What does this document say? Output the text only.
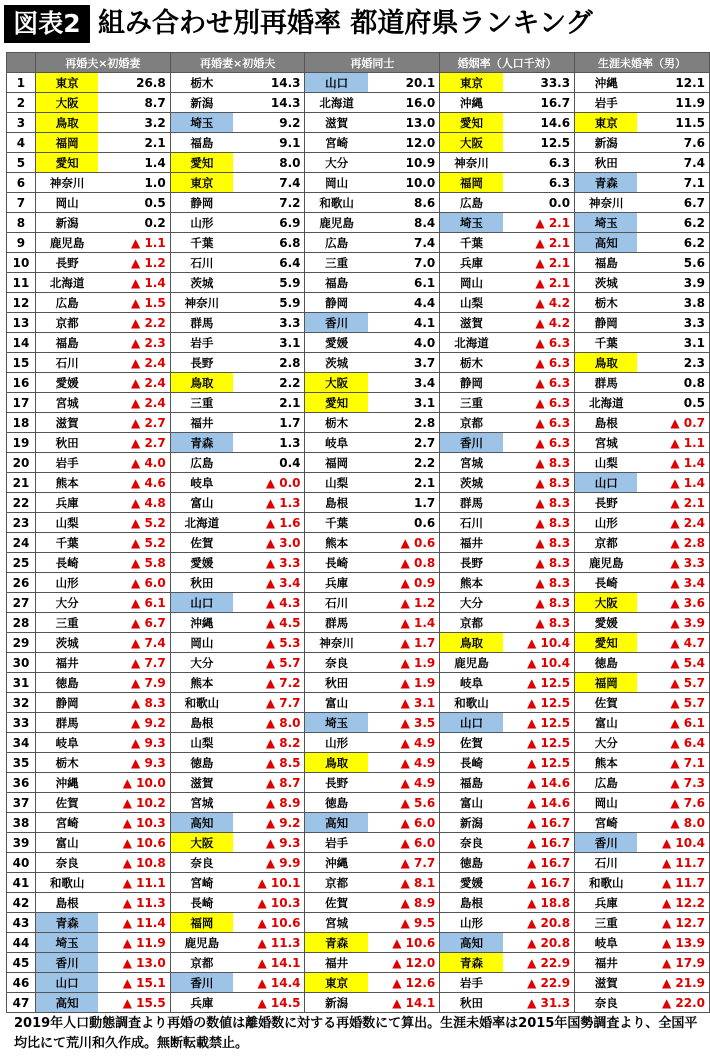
図表2 組み合わせ別再婚率 都道府県ランキング
	再婚夫×初婚妻		再婚妻×初婚夫		再婚同士		婚姻率（人口千対）		生涯未婚率（男）	
1	東京	26.8	栃木	14.3	山口	20.1	東京	33.3	沖縄	12.1
2	大阪	8.7	新潟	14.3	北海道	16.0	沖縄	16.7	岩手	11.9
3	鳥取	3.2	埼玉	9.2	滋賀	13.0	愛知	14.6	東京	11.5
4	福岡	2.1	福島	9.1	宮崎	12.0	大阪	12.5	新潟	7.6
5	愛知	1.4	愛知	8.0	大分	10.9	神奈川	6.3	秋田	7.4
6	神奈川	1.0	東京	7.4	岡山	10.0	福岡	6.3	青森	7.1
7	岡山	0.5	静岡	7.2	和歌山	8.6	広島	0.0	神奈川	6.7
8	新潟	0.2	山形	6.9	鹿児島	8.4	埼玉	▲ 2.1	埼玉	6.2
9	鹿児島	▲ 1.1	千葉	6.8	広島	7.4	千葉	▲ 2.1	高知	6.2
10	長野	▲ 1.2	石川	6.4	三重	7.0	兵庫	▲ 2.1	福島	5.6
11	北海道	▲ 1.4	茨城	5.9	福島	6.1	岡山	▲ 2.1	茨城	3.9
12	広島	▲ 1.5	神奈川	5.9	静岡	4.4	山梨	▲ 4.2	栃木	3.8
13	京都	▲ 2.2	群馬	3.3	香川	4.1	滋賀	▲ 4.2	静岡	3.3
14	福島	▲ 2.3	岩手	3.1	愛媛	4.0	北海道	▲ 6.3	千葉	3.1
15	石川	▲ 2.4	長野	2.8	茨城	3.7	栃木	▲ 6.3	鳥取	2.3
16	愛媛	▲ 2.4	鳥取	2.2	大阪	3.4	静岡	▲ 6.3	群馬	0.8
17	宮城	▲ 2.4	三重	2.1	愛知	3.1	三重	▲ 6.3	北海道	0.5
18	滋賀	▲ 2.7	福井	1.7	栃木	2.8	京都	▲ 6.3	島根	▲ 0.7
19	秋田	▲ 2.7	青森	1.3	岐阜	2.7	香川	▲ 6.3	宮城	▲ 1.1
20	岩手	▲ 4.0	広島	0.4	福岡	2.2	宮城	▲ 8.3	山梨	▲ 1.4
21	熊本	▲ 4.6	岐阜	▲ 0.0	山梨	2.1	茨城	▲ 8.3	山口	▲ 1.4
22	兵庫	▲ 4.8	富山	▲ 1.3	島根	1.7	群馬	▲ 8.3	長野	▲ 2.1
23	山梨	▲ 5.2	北海道	▲ 1.6	千葉	0.6	石川	▲ 8.3	山形	▲ 2.4
24	千葉	▲ 5.2	佐賀	▲ 3.0	熊本	▲ 0.6	福井	▲ 8.3	京都	▲ 2.8
25	長崎	▲ 5.8	愛媛	▲ 3.3	長崎	▲ 0.8	長野	▲ 8.3	鹿児島	▲ 3.3
26	山形	▲ 6.0	秋田	▲ 3.4	兵庫	▲ 0.9	熊本	▲ 8.3	長崎	▲ 3.4
27	大分	▲ 6.1	山口	▲ 4.3	石川	▲ 1.2	大分	▲ 8.3	大阪	▲ 3.6
28	三重	▲ 6.7	沖縄	▲ 4.5	群馬	▲ 1.4	京都	▲ 8.3	愛媛	▲ 3.9
29	茨城	▲ 7.4	岡山	▲ 5.3	神奈川	▲ 1.7	鳥取	▲ 10.4	愛知	▲ 4.7
30	福井	▲ 7.7	大分	▲ 5.7	奈良	▲ 1.9	鹿児島	▲ 10.4	徳島	▲ 5.4
31	徳島	▲ 7.9	熊本	▲ 7.2	秋田	▲ 1.9	岐阜	▲ 12.5	福岡	▲ 5.7
32	静岡	▲ 8.3	和歌山	▲ 7.7	富山	▲ 3.1	和歌山	▲ 12.5	佐賀	▲ 5.7
33	群馬	▲ 9.2	島根	▲ 8.0	埼玉	▲ 3.5	山口	▲ 12.5	富山	▲ 6.1
34	岐阜	▲ 9.3	山梨	▲ 8.2	山形	▲ 4.9	佐賀	▲ 12.5	大分	▲ 6.4
35	栃木	▲ 9.3	徳島	▲ 8.5	鳥取	▲ 4.9	長崎	▲ 12.5	熊本	▲ 7.1
36	沖縄	▲ 10.0	滋賀	▲ 8.7	長野	▲ 4.9	福島	▲ 14.6	広島	▲ 7.3
37	佐賀	▲ 10.2	宮城	▲ 8.9	徳島	▲ 5.6	富山	▲ 14.6	岡山	▲ 7.6
38	宮崎	▲ 10.3	高知	▲ 9.2	高知	▲ 6.0	新潟	▲ 16.7	宮崎	▲ 8.0
39	富山	▲ 10.6	大阪	▲ 9.3	岩手	▲ 6.0	奈良	▲ 16.7	香川	▲ 10.4
40	奈良	▲ 10.8	奈良	▲ 9.9	沖縄	▲ 7.7	徳島	▲ 16.7	石川	▲ 11.7
41	和歌山	▲ 11.1	宮崎	▲ 10.1	京都	▲ 8.1	愛媛	▲ 16.7	和歌山	▲ 11.7
42	島根	▲ 11.3	長崎	▲ 10.3	佐賀	▲ 8.9	島根	▲ 18.8	兵庫	▲ 12.2
43	青森	▲ 11.4	福岡	▲ 10.6	宮城	▲ 9.5	山形	▲ 20.8	三重	▲ 12.7
44	埼玉	▲ 11.9	鹿児島	▲ 11.3	青森	▲ 10.6	高知	▲ 20.8	岐阜	▲ 13.9
45	香川	▲ 13.0	京都	▲ 14.1	福井	▲ 12.0	青森	▲ 22.9	福井	▲ 17.9
46	山口	▲ 15.1	香川	▲ 14.4	東京	▲ 12.6	岩手	▲ 22.9	滋賀	▲ 21.9
47	高知	▲ 15.5	兵庫	▲ 14.5	新潟	▲ 14.1	秋田	▲ 31.3	奈良	▲ 22.0
2019年人口動態調査より再婚の数値は離婚数に対する再婚数にて算出。生涯未婚率は2015年国勢調査より、全国平均比にて荒川和久作成。無断転載禁止。
